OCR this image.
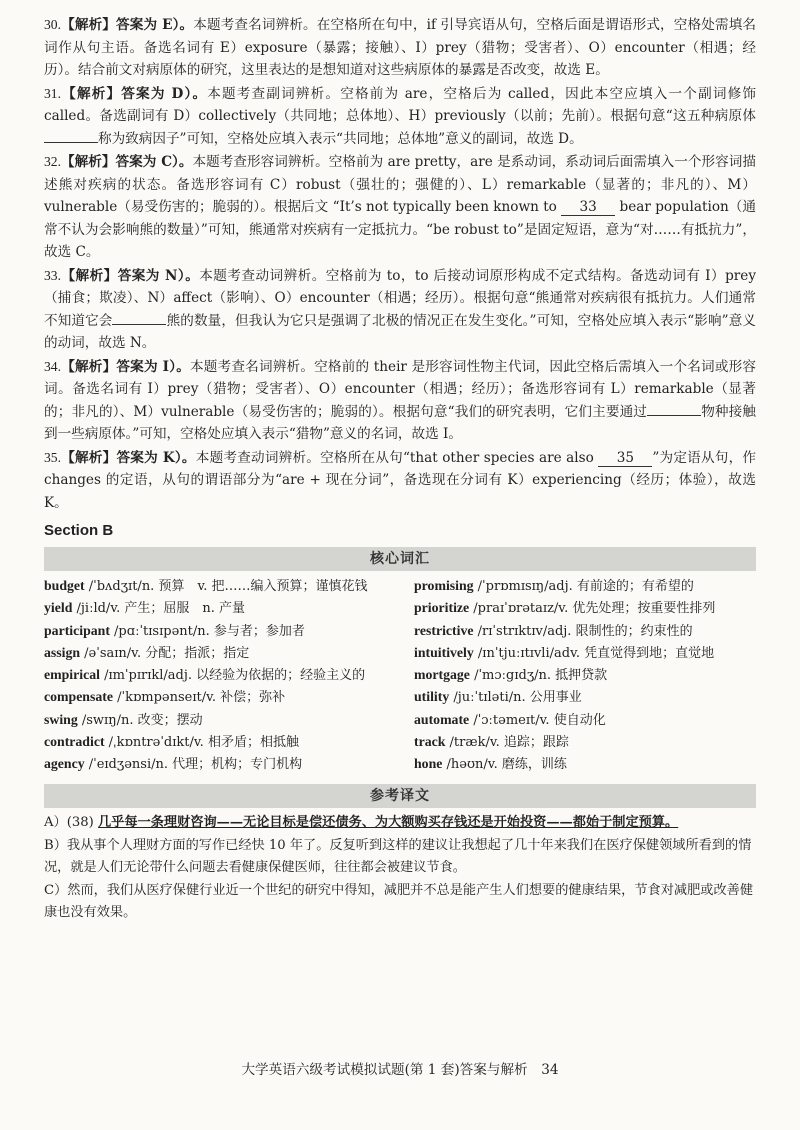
30.【解析】答案为 E）。本题考查名词辨析。在空格所在句中，if 引导宾语从句，空格后面是谓语形式，空格处需填名词作从句主语。备选名词有 E）exposure（暴露；接触）、I）prey（猎物；受害者）、O）encounter（相遇；经历）。结合前文对病原体的研究，这里表达的是想知道对这些病原体的暴露是否改变，故选 E。
31.【解析】答案为 D）。本题考查副词辨析。空格前为 are，空格后为 called，因此本空应填入一个副词修饰 called。备选副词有 D）collectively（共同地；总体地）、H）previously（以前；先前）。根据句意“这五种病原体称为致病因子”可知，空格处应填入表示“共同地；总体地”意义的副词，故选 D。
32.【解析】答案为 C）。本题考查形容词辨析。空格前为 are pretty，are 是系动词，系动词后面需填入一个形容词描述熊对疾病的状态。备选形容词有 C）robust（强壮的；强健的）、L）remarkable（显著的；非凡的）、M）vulnerable（易受伤害的；脆弱的）。根据后文 “It’s not typically been known to 33 bear population（通常不认为会影响熊的数量）”可知，熊通常对疾病有一定抵抗力。“be robust to”是固定短语，意为“对……有抵抗力”，故选 C。
33.【解析】答案为 N）。本题考查动词辨析。空格前为 to，to 后接动词原形构成不定式结构。备选动词有 I）prey（捕食；欺凌）、N）affect（影响）、O）encounter（相遇；经历）。根据句意“熊通常对疾病很有抵抗力。人们通常不知道它会	熊的数量，但我认为它只是强调了北极的情况正在发生变化。”可知，空格处应填入表示“影响”意义的动词，故选 N。
34.【解析】答案为 I）。本题考查名词辨析。空格前的 their 是形容词性物主代词，因此空格后需填入一个名词或形容词。备选名词有 I）prey（猎物；受害者）、O）encounter（相遇；经历）；备选形容词有 L）remarkable（显著的；非凡的）、M）vulnerable（易受伤害的；脆弱的）。根据句意“我们的研究表明，它们主要通过	物种接触到一些病原体。”可知，空格处应填入表示“猎物”意义的名词，故选 I。
35.【解析】答案为 K）。本题考查动词辨析。空格所在从句“that other species are also 35 ”为定语从句，作 changes 的定语，从句的谓语部分为“are + 现在分词”，备选现在分词有 K）experiencing（经历；体验），故选 K。
Section B
核心词汇
budget /ˈbʌdʒɪt/n. 预算　v. 把……编入预算；谨慎花钱
yield /jiːld/v. 产生；屈服　n. 产量
participant /pɑːˈtɪsɪpənt/n. 参与者；参加者
assign /əˈsaɪn/v. 分配；指派；指定
empirical /ɪmˈpɪrɪkl/adj. 以经验为依据的；经验主义的
compensate /ˈkɒmpənseɪt/v. 补偿；弥补
swing /swɪŋ/n. 改变；摆动
contradict /ˌkɒntrəˈdɪkt/v. 相矛盾；相抵触
agency /ˈeɪdʒənsi/n. 代理；机构；专门机构
promising /ˈprɒmɪsɪŋ/adj. 有前途的；有希望的
prioritize /praɪˈɒrətaɪz/v. 优先处理；按重要性排列
restrictive /rɪˈstrɪktɪv/adj. 限制性的；约束性的
intuitively /ɪnˈtjuːɪtɪvli/adv. 凭直觉得到地；直觉地
mortgage /ˈmɔːgɪdʒ/n. 抵押贷款
utility /juːˈtɪləti/n. 公用事业
automate /ˈɔːtəmeɪt/v. 使自动化
track /træk/v. 追踪；跟踪
hone /həʊn/v. 磨练，训练
参考译文
A）(38) 几乎每一条理财咨询——无论目标是偿还债务、为大额购买存钱还是开始投资——都始于制定预算。
B）我从事个人理财方面的写作已经快 10 年了。反复听到这样的建议让我想起了几十年来我们在医疗保健领域所看到的情况，就是人们无论带什么问题去看健康保健医师，往往都会被建议节食。
C）然而，我们从医疗保健行业近一个世纪的研究中得知，减肥并不总是能产生人们想要的健康结果，节食对减肥或改善健康也没有效果。
大学英语六级考试模拟试题(第 1 套)答案与解析　34
